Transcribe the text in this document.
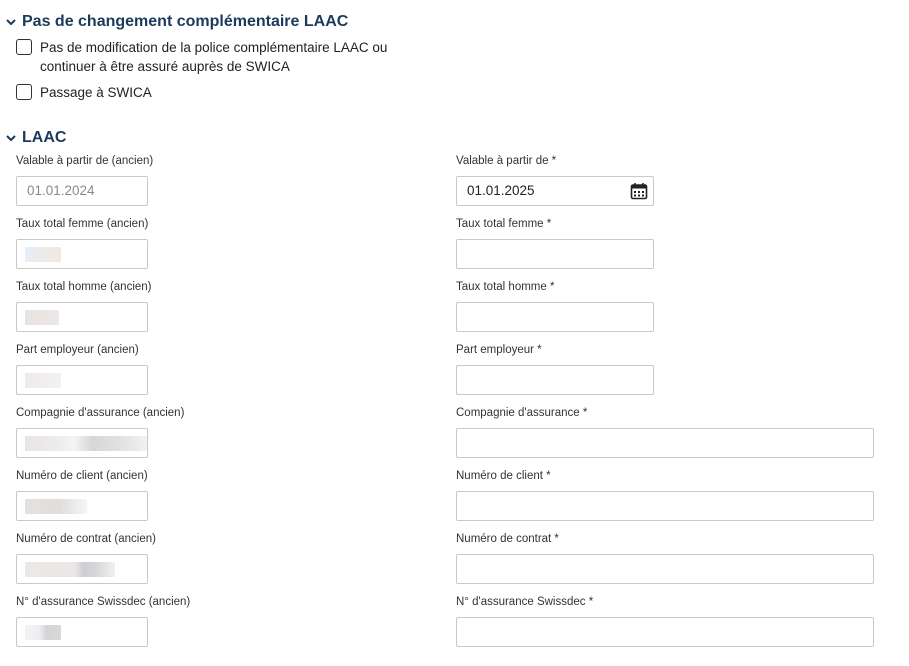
Pas de changement complémentaire LAAC
Pas de modification de la police complémentaire LAAC ou continuer à être assuré auprès de SWICA
Passage à SWICA
LAAC
Valable à partir de (ancien)
01.01.2024
Valable à partir de *
01.01.2025
Taux total femme (ancien)	Taux total femme *
Taux total homme (ancien)	Taux total homme *
Part employeur (ancien)	Part employeur *
Compagnie d'assurance (ancien)	Compagnie d'assurance *
Numéro de client (ancien)	Numéro de client *
Numéro de contrat (ancien)	Numéro de contrat *
N° d'assurance Swissdec (ancien)	N° d'assurance Swissdec *
